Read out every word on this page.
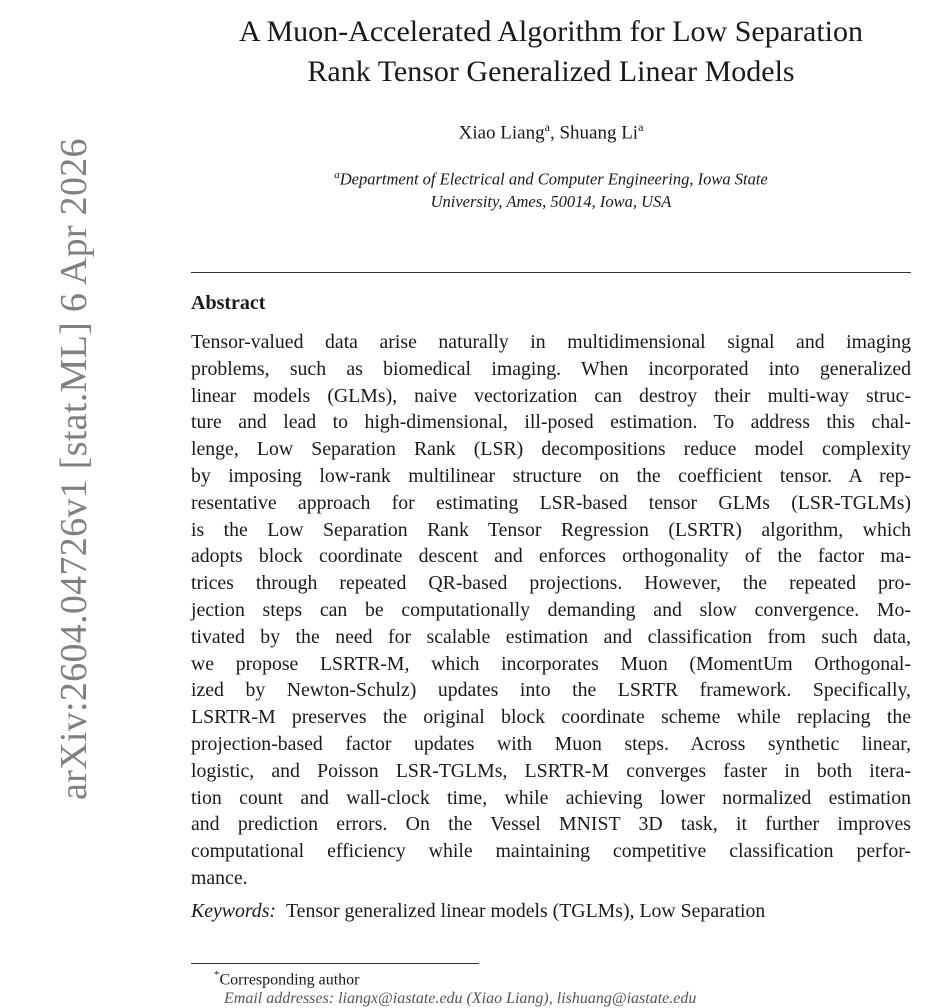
arXiv:2604.04726v1 [stat.ML] 6 Apr 2026
A Muon-Accelerated Algorithm for Low Separation
Rank Tensor Generalized Linear Models
Xiao Liang$^a$, Shuang Li$^a$
$^a$Department of Electrical and Computer Engineering, Iowa State
University, Ames, 50014, Iowa, USA
Abstract
Tensor-valued data arise naturally in multidimensional signal and imaging
problems, such as biomedical imaging. When incorporated into generalized
linear models (GLMs), naive vectorization can destroy their multi-way struc-
ture and lead to high-dimensional, ill-posed estimation. To address this chal-
lenge, Low Separation Rank (LSR) decompositions reduce model complexity
by imposing low-rank multilinear structure on the coefficient tensor. A rep-
resentative approach for estimating LSR-based tensor GLMs (LSR-TGLMs)
is the Low Separation Rank Tensor Regression (LSRTR) algorithm, which
adopts block coordinate descent and enforces orthogonality of the factor ma-
trices through repeated QR-based projections. However, the repeated pro-
jection steps can be computationally demanding and slow convergence. Mo-
tivated by the need for scalable estimation and classification from such data,
we propose LSRTR-M, which incorporates Muon (MomentUm Orthogonal-
ized by Newton-Schulz) updates into the LSRTR framework. Specifically,
LSRTR-M preserves the original block coordinate scheme while replacing the
projection-based factor updates with Muon steps. Across synthetic linear,
logistic, and Poisson LSR-TGLMs, LSRTR-M converges faster in both itera-
tion count and wall-clock time, while achieving lower normalized estimation
and prediction errors. On the Vessel MNIST 3D task, it further improves
computational efficiency while maintaining competitive classification perfor-
mance.
Keywords: Tensor generalized linear models (TGLMs), Low Separation
*Corresponding author
Email addresses: liangx@iastate.edu (Xiao Liang), lishuang@iastate.edu
